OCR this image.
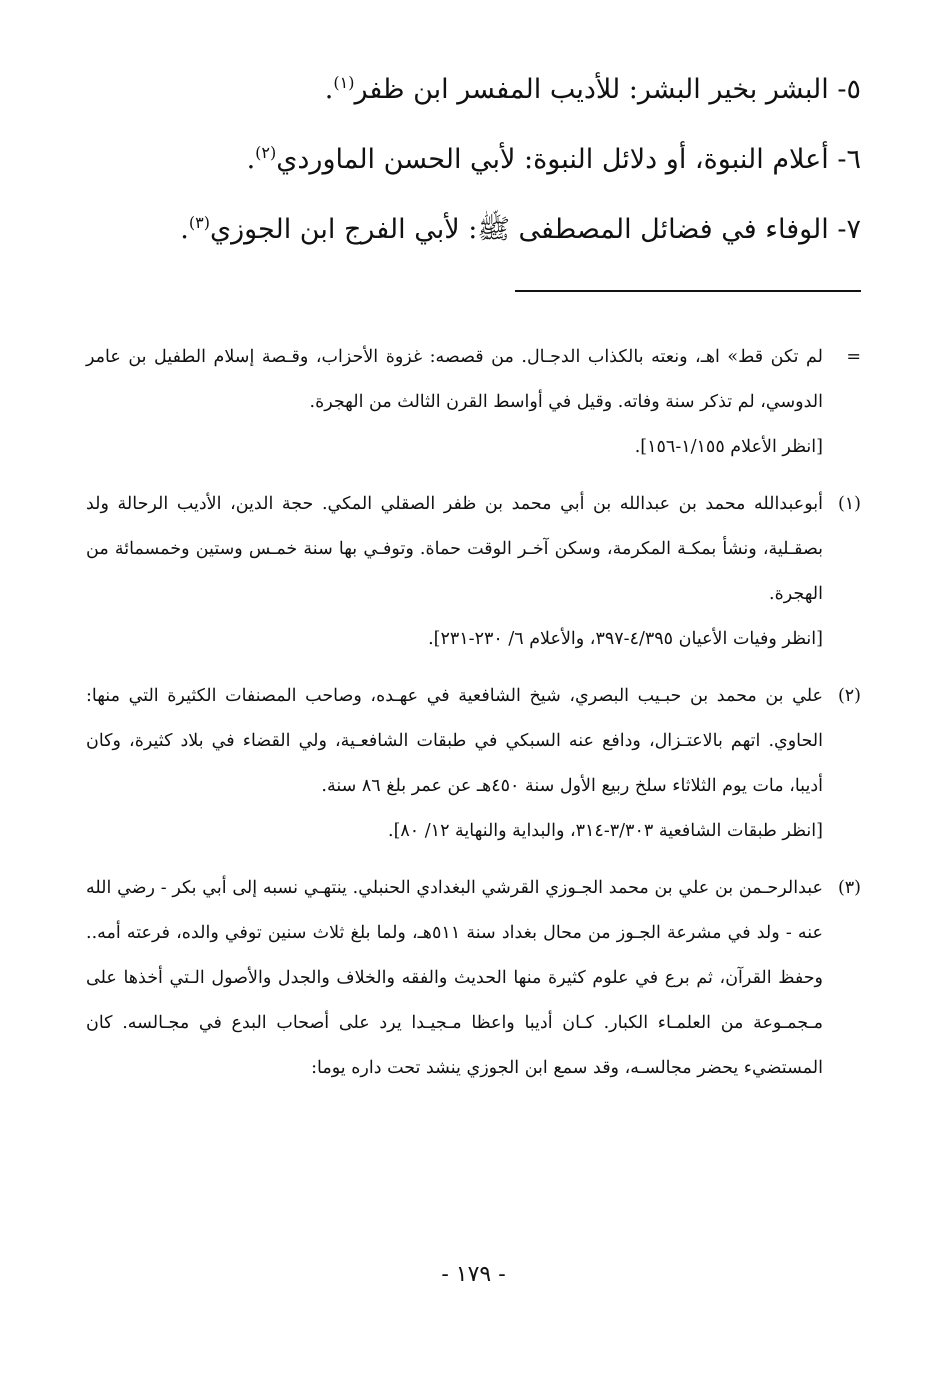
٥- البشر بخير البشر: للأديب المفسر ابن ظفر$^{(١)}$.
٦- أعلام النبوة، أو دلائل النبوة: لأبي الحسن الماوردي$^{(٢)}$.
٧- الوفاء في فضائل المصطفى ﷺ: لأبي الفرج ابن الجوزي$^{(٣)}$.
=
لم تكن قط» اهـ، ونعته بالكذاب الدجـال. من قصصه: غزوة الأحزاب، وقـصة إسلام الطفيل بن عامر الدوسي، لم تذكر سنة وفاته. وقيل في أواسط القرن الثالث من الهجرة.
[انظر الأعلام ١/١٥٥-١٥٦].
(١)
أبوعبدالله محمد بن عبدالله بن أبي محمد بن ظفر الصقلي المكي. حجة الدين، الأديب الرحالة ولد بصقـلية، ونشأ بمكـة المكرمة، وسكن آخـر الوقت حماة. وتوفـي بها سنة خمـس وستين وخمسمائة من الهجرة.
[انظر وفيات الأعيان ٤/٣٩٥-٣٩٧، والأعلام ٦/ ٢٣٠-٢٣١].
(٢)
علي بن محمد بن حبـيب البصري، شيخ الشافعية في عهـده، وصاحب المصنفات الكثيرة التي منها: الحاوي. اتهم بالاعتـزال، ودافع عنه السبكي في طبقات الشافعـية، ولي القضاء في بلاد كثيرة، وكان أديبا، مات يوم الثلاثاء سلخ ربيع الأول سنة ٤٥٠هـ عن عمر بلغ ٨٦ سنة.
[انظر طبقات الشافعية ٣/٣٠٣-٣١٤، والبداية والنهاية ١٢/ ٨٠].
(٣)
عبدالرحـمن بن علي بن محمد الجـوزي القرشي البغدادي الحنبلي. ينتهـي نسبه إلى أبي بكر - رضي الله عنه - ولد في مشرعة الجـوز من محال بغداد سنة ٥١١هـ، ولما بلغ ثلاث سنين توفي والده، فرعته أمه.. وحفظ القرآن، ثم برع في علوم كثيرة منها الحديث والفقه والخلاف والجدل والأصول الـتي أخذها على مـجمـوعة من العلمـاء الكبار. كـان أديبا واعظا مـجيـدا يرد على أصحاب البدع في مجـالسه. كان المستضيء يحضر مجالسـه، وقد سمع ابن الجوزي ينشد تحت داره يوما:
- ١٧٩ -
